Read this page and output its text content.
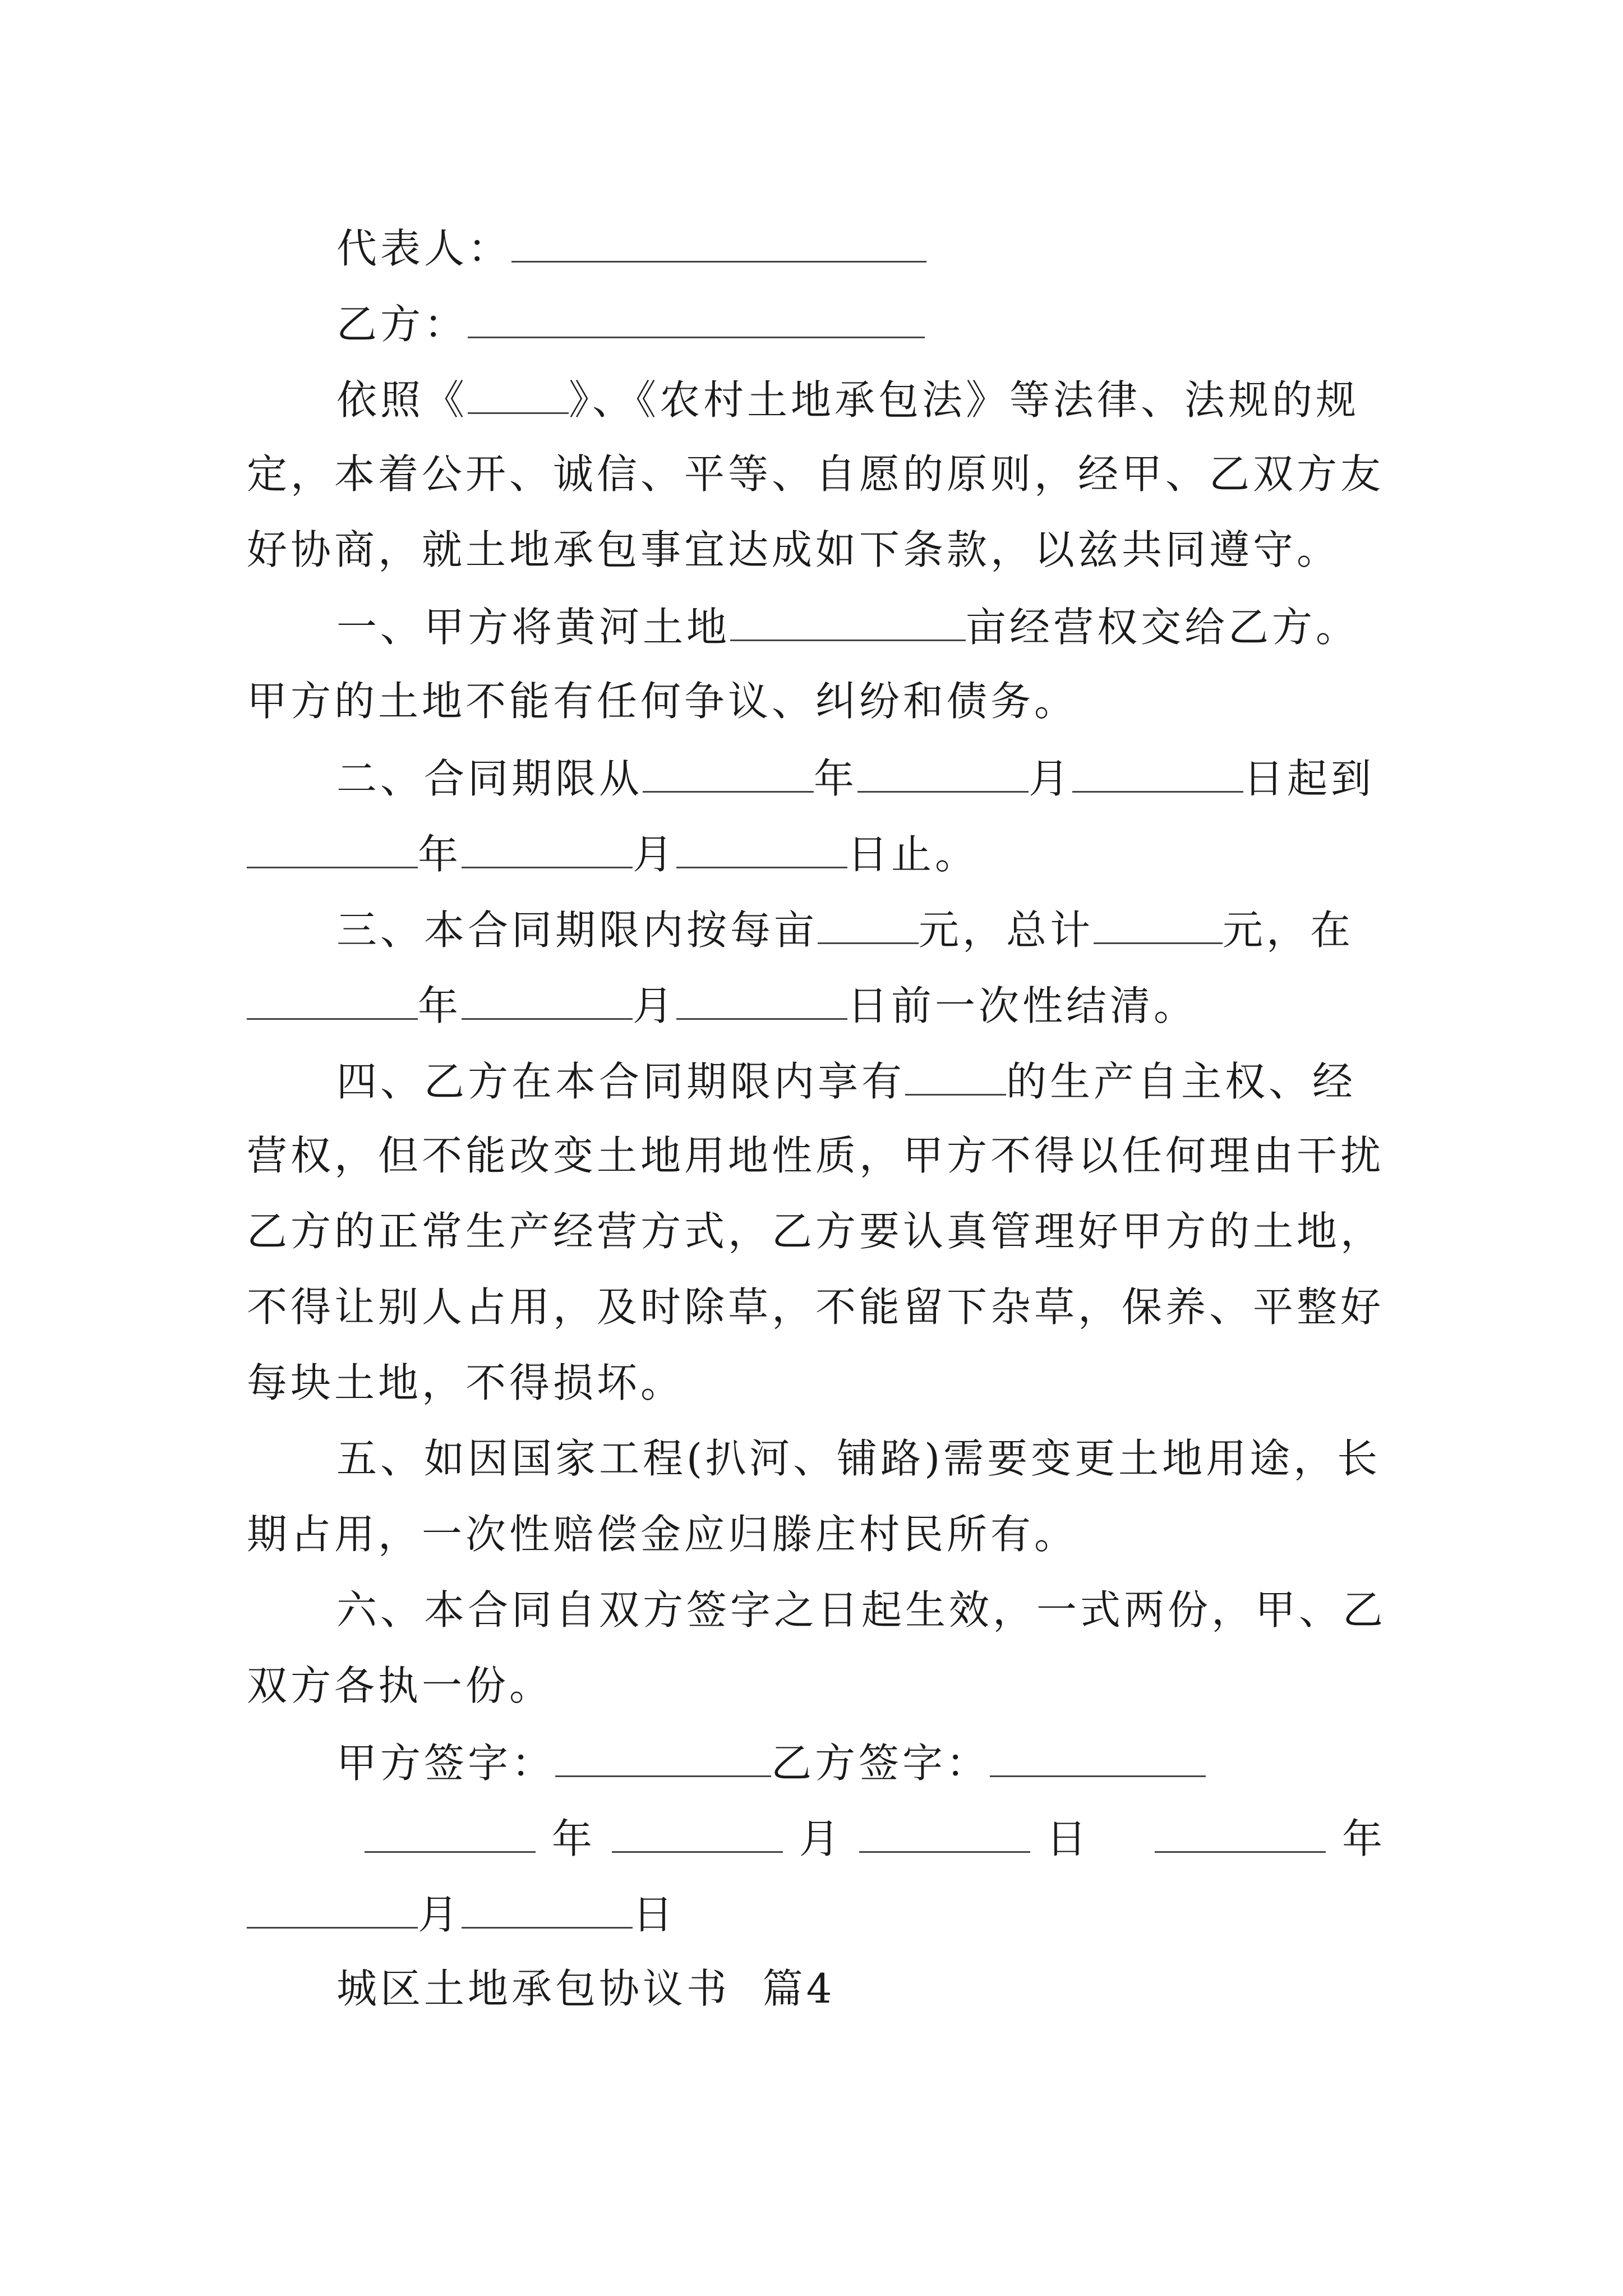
代表人：
乙方：
依照《	》、《农村土地承包法》等法律、法规的规
定，本着公开、诚信、平等、自愿的原则，经甲、乙双方友
好协商，就土地承包事宜达成如下条款，以兹共同遵守。
一、甲方将黄河土地	亩经营权交给乙方。
甲方的土地不能有任何争议、纠纷和债务。
二、合同期限从	年	月	日起到
年	月	日止。
三、本合同期限内按每亩	元，总计	元，在
年	月	日前一次性结清。
四、乙方在本合同期限内享有	的生产自主权、经
营权，但不能改变土地用地性质，甲方不得以任何理由干扰
乙方的正常生产经营方式，乙方要认真管理好甲方的土地，
不得让别人占用，及时除草，不能留下杂草，保养、平整好
每块土地，不得损坏。
五、如因国家工程(扒河、铺路)需要变更土地用途，长
期占用，一次性赔偿金应归滕庄村民所有。
六、本合同自双方签字之日起生效，一式两份，甲、乙
双方各执一份。
甲方签字：	乙方签字：
年	月	日	年
月	日
城区土地承包协议书  篇4
